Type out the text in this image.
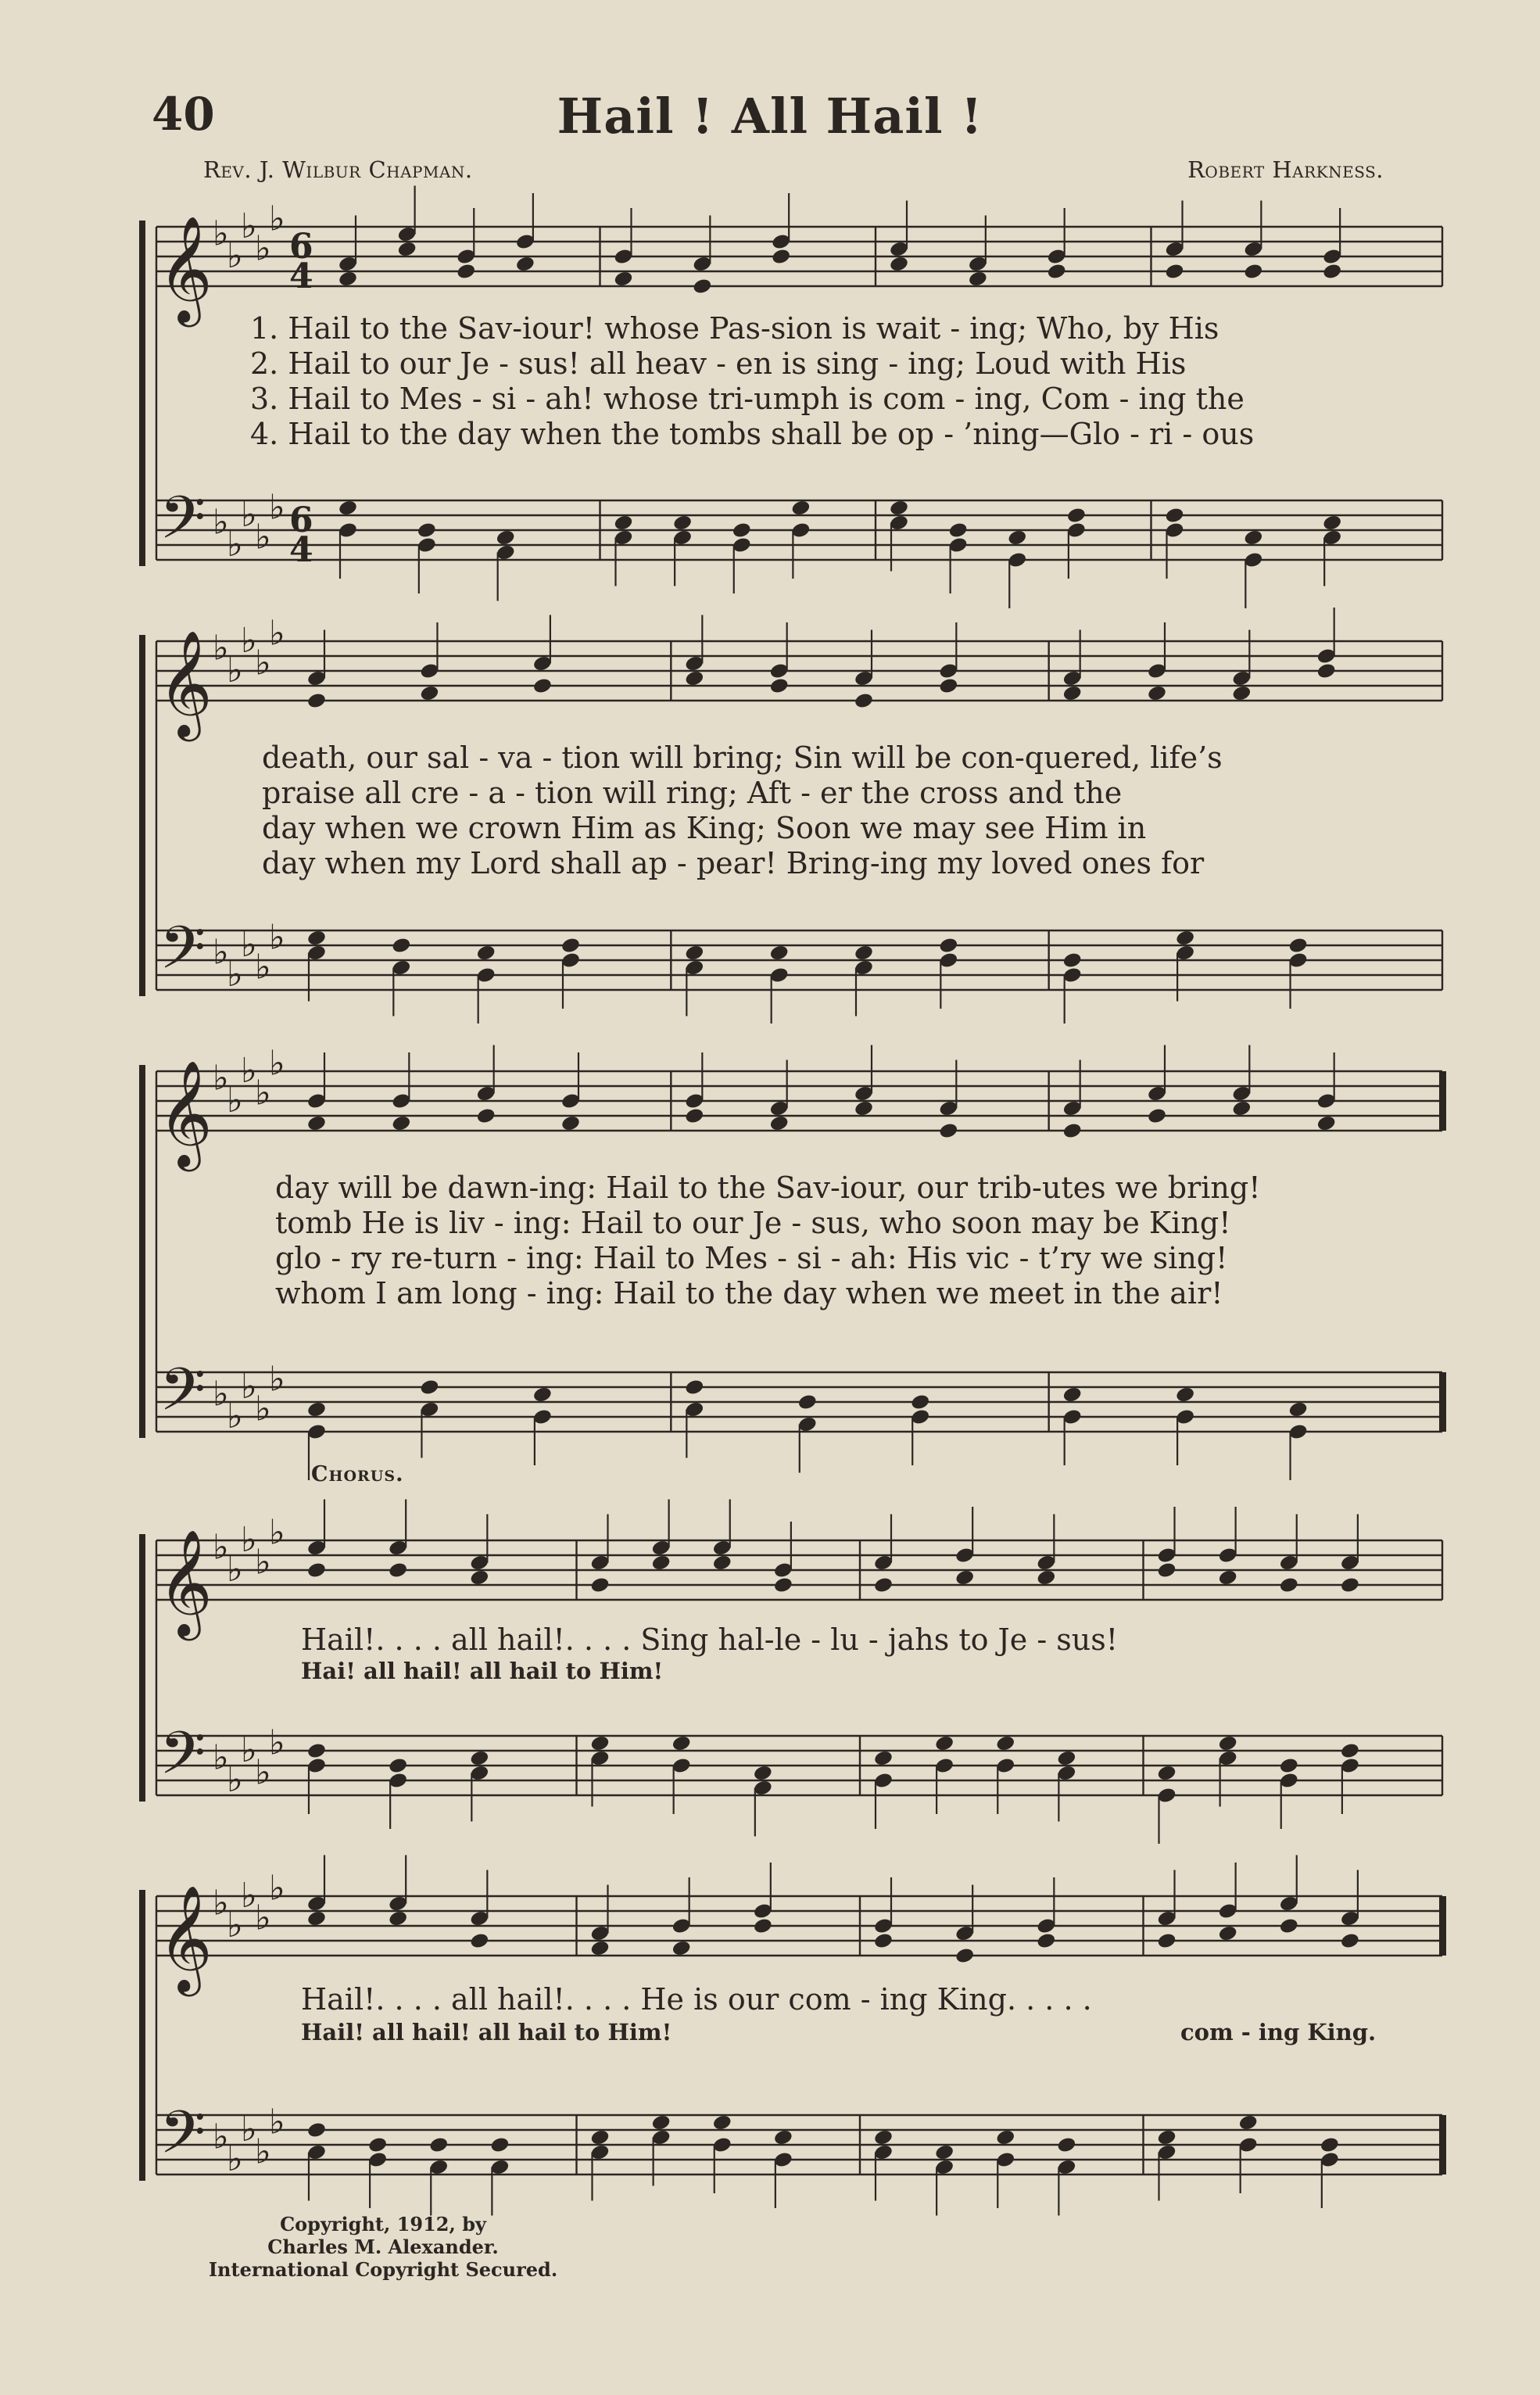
40	Hail ! All Hail !
Rev. J. Wilbur Chapman.	Robert Harkness.
𝄞 ♭
♭
♭
♭
♭
6
4
𝄢 ♭
♭
♭
♭
♭ 6
4
𝄞 ♭
♭
♭
♭
♭
𝄢 ♭
♭
♭
♭
♭
𝄞 ♭
♭
♭
♭
♭
𝄢 ♭
♭
♭
♭
♭
𝄞 ♭
♭
♭
♭
♭
𝄢 ♭
♭
♭
♭
♭
𝄞 ♭
♭
♭
♭
♭
𝄢 ♭
♭
♭
♭
♭
1. Hail to the Sav-iour! whose Pas-sion is wait - ing; Who, by His
2. Hail to our Je - sus! all heav - en is sing - ing; Loud with His
3. Hail to Mes - si - ah! whose tri-umph is com - ing, Com - ing the
4. Hail to the day when the tombs shall be op - ’ning—Glo - ri - ous
death, our sal - va - tion will bring; Sin will be con-quered, life’s
praise all cre - a - tion will ring; Aft - er the cross and the
day when we crown Him as King; Soon we may see Him in
day when my Lord shall ap - pear! Bring-ing my loved ones for
day will be dawn-ing: Hail to the Sav-iour, our trib-utes we bring!
tomb He is liv - ing: Hail to our Je - sus, who soon may be King!
glo - ry re-turn - ing: Hail to Mes - si - ah: His vic - t’ry we sing!
whom I am long - ing: Hail to the day when we meet in the air!
Chorus.
Hail!. . . . all hail!. . . . Sing hal-le - lu - jahs to Je - sus!
Hai! all hail! all hail to Him!
Hail!. . . . all hail!. . . . He is our com - ing King. . . . .
Hail! all hail! all hail to Him!	com - ing King.
Copyright, 1912, by
Charles M. Alexander.
International Copyright Secured.
